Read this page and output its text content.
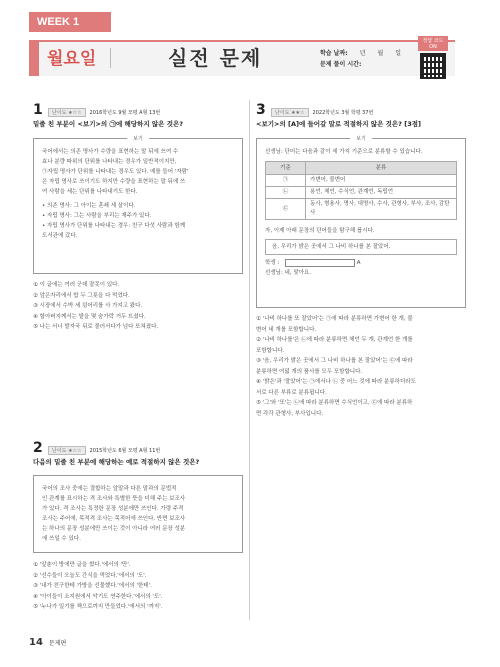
WEEK 1
월요일	실전 문제	학습 날짜: 년　　월　　일
문제 풀이 시간:
정답 코드 ON
1	난이도 ★☆☆	2016학년도 9월 모평 A형 13번
밑줄 친 부분이 <보기>의 ㉠에 해당하지 않은 것은?
보기
국어에서는 의존 명사가 수량을 표현하는 말 뒤에 쓰여 수
효나 분량 따위의 단위를 나타내는 경우가 일반적이지만,
㉠자립 명사가 단위를 나타내는 경우도 있다. 예를 들어 '자람'
은 자립 명사로 쓰이기도 하지만 수량을 표현하는 말 뒤에 쓰
여 사람을 세는 단위를 나타내기도 한다.
• 의존 명사: 그 아이는 혼쇄 세 살이다.
• 자립 명사: 그는 사람을 부리는 재주가 있다.
• 자립 명사가 단위를 나타내는 경우: 친구 다섯 사람과 함께
도서관에 갔다.
① 이 글에는 여러 군데 잘못이 있다.
② 앞은자리에서 밥 두 그릇을 다 먹었다.
③ 시장에서 수박 세 덩어리를 사 가지고 왔다.
④ 할아버지께서는 밭을 몇 숨가락 거두 뜨셨다.
⑤ 나는 서너 발자국 뒤로 물러서다가 넘다 또쳐졌다.
2	난이도 ★☆☆	2015학년도 6월 모평 A형 11번
다음의 밑줄 친 부분에 해당하는 예로 적절하지 않은 것은?
국어의 조사 중에는 결합하는 앞말과 다른 말과의 문법적
인 관계를 표시하는 격 조사와 특별한 뜻을 더해 주는 보조사
가 있다. 격 조사는 특정한 문장 성분에만 쓰인다. 가령 주격
조사는 주어에, 목적격 조사는 목적어에 쓰인다. 반면 보조사
는 하나의 문장 성분에만 쓰이는 것이 아니라 여러 문장 성분
에 쓰일 수 있다.
① '앞춘이 방에만 글을 썼다.'에서의 '만'.
② '선수들이 오늘도 간식을 먹었다.'에서의 '도'.
③ '내가 친구한테 가방을 선물했다.'에서의 '한테'.
④ '아이들이 소지원에서 악기도 연주한다.'에서의 '도'.
⑤ '누나가 일기를 책으로까지 만들었다.'에서의 '까지'.
3	난이도 ★★☆	2022학년도 3월 학평 37번
<보기>의 [A]에 들어갈 말로 적절하지 않은 것은? [3점]
보기
선생님: 단어는 다음과 같이 세 가지 기준으로 분류할 수 있습니다.
기준	분류
㉠	가변어, 불변어
㉡	용언, 체언, 수식언, 관계언, 독립언
㉢	동사, 형용사, 명사, 대명사, 수사, 관형사, 부사, 조사, 감탄사
자, 이제 아래 문장의 단어들을 탐구해 봅시다.
음, 우리가 밝은 곳에서 그 나비 하나를 본 잘았어.
학생 :	A
선생님: 네, 맞아요.
① '나비 하나를 또 잘았어'는 ㉠에 따라 분류하면 가변어 한 개, 불
변어 네 개를 포함합니다.
② '나비 하나를'은 ㉡에 따라 분류하면 체언 두 개, 관계언 한 개를
포함합니다.
③ '음, 우리가 밝은 곳에서 그 나비 하나를 본 잘았어'는 ㉢에 따라
분류하면 여덟 개의 품사를 모두 포함합니다.
④ '밝은'과 '잘았어'는 ㉠에서나 ㉡ 중 어느 것에 따라 분류하더라도
서로 다른 부류로 분류됩니다.
⑤ '그'와 '또'는 ㉡에 따라 분류하면 수식언이고, ㉢에 따라 분류하
면 각각 관형사, 부사입니다.
14 문제편
